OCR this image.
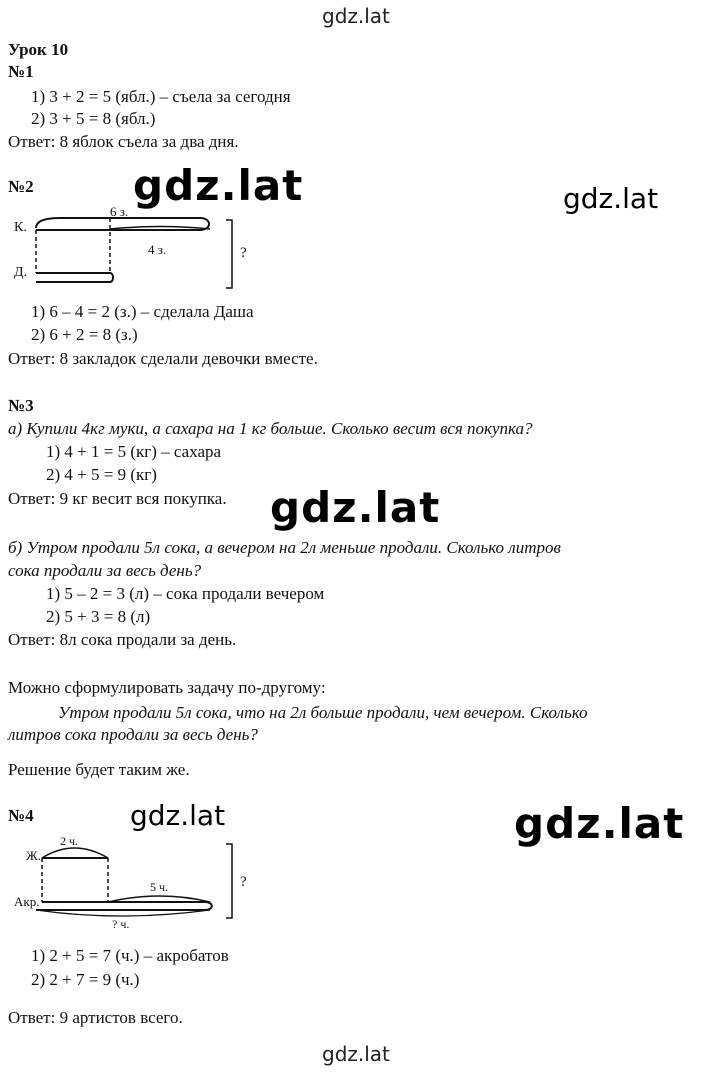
gdz.lat
gdz.lat	gdz.lat
gdz.lat
gdz.lat	gdz.lat
gdz.lat
Урок 10
№1
1) 3 + 2 = 5 (ябл.) – съела за сегодня
2) 3 + 5 = 8 (ябл.)
Ответ: 8 яблок съела за два дня.
№2
К.
Д.
6 з.
4 з.	?
1) 6 – 4 = 2 (з.) – сделала Даша
2) 6 + 2 = 8 (з.)
Ответ: 8 закладок сделали девочки вместе.
№3
а) Купили 4кг муки, а сахара на 1 кг больше. Сколько весит вся покупка?
1) 4 + 1 = 5 (кг) – сахара
2) 4 + 5 = 9 (кг)
Ответ: 9 кг весит вся покупка.
б) Утром продали 5л сока, а вечером на 2л меньше продали. Сколько литров
сока продали за весь день?
1) 5 – 2 = 3 (л) – сока продали вечером
2) 5 + 3 = 8 (л)
Ответ: 8л сока продали за день.
Можно сформулировать задачу по-другому:
Утром продали 5л сока, что на 2л больше продали, чем вечером. Сколько
литров сока продали за весь день?
Решение будет таким же.
№4
Ж.
Акр.
2 ч.
5 ч.
? ч.
?
1) 2 + 5 = 7 (ч.) – акробатов
2) 2 + 7 = 9 (ч.)
Ответ: 9 артистов всего.
